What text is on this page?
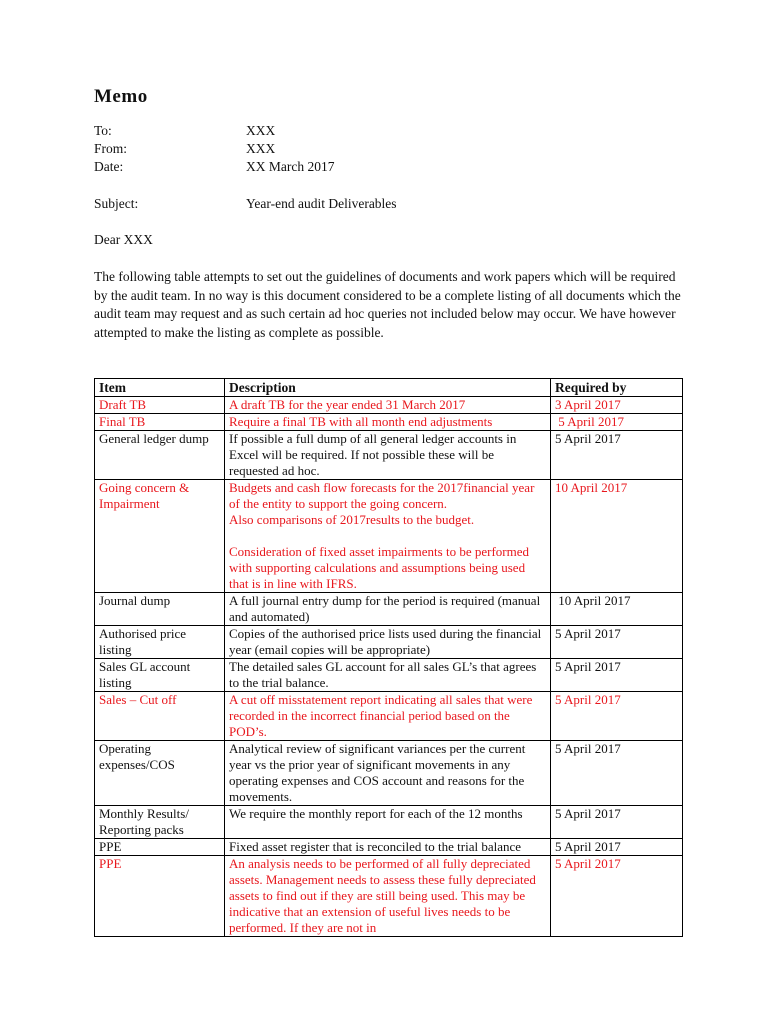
Memo
To:	XXX
From:	XXX
Date:	XX March 2017
Subject:	Year-end audit Deliverables
Dear XXX

The following table attempts to set out the guidelines of documents and work papers which will be required by the audit team. In no way is this document considered to be a complete listing of all documents which the audit team may request and as such certain ad hoc queries not included below may occur. We have however attempted to make the listing as complete as possible.

Item	Description	Required by
Draft TB	A draft TB for the year ended 31 March 2017	3 April 2017
Final TB	Require a final TB with all month end adjustments	5 April 2017
General ledger dump	If possible a full dump of all general ledger accounts in Excel will be required. If not possible these will be requested ad hoc.	5 April 2017
Going concern & Impairment	Budgets and cash flow forecasts for the 2017financial year of the entity to support the going concern.
Also comparisons of 2017results to the budget.
Consideration of fixed asset impairments to be performed with supporting calculations and assumptions being used that is in line with IFRS.	10 April 2017
Journal dump	A full journal entry dump for the period is required (manual and automated)	10 April 2017
Authorised price listing	Copies of the authorised price lists used during the financial year (email copies will be appropriate)	5 April 2017
Sales GL account listing	The detailed sales GL account for all sales GL’s that agrees to the trial balance.	5 April 2017
Sales – Cut off	A cut off misstatement report indicating all sales that were recorded in the incorrect financial period based on the POD’s.	5 April 2017
Operating expenses/COS	Analytical review of significant variances per the current year vs the prior year of significant movements in any operating expenses and COS account and reasons for the movements.	5 April 2017
Monthly Results/ Reporting packs	We require the monthly report for each of the 12 months	5 April 2017
PPE	Fixed asset register that is reconciled to the trial balance	5 April 2017
PPE	An analysis needs to be performed of all fully depreciated assets. Management needs to assess these fully depreciated assets to find out if they are still being used. This may be indicative that an extension of useful lives needs to be performed. If they are not in	5 April 2017
